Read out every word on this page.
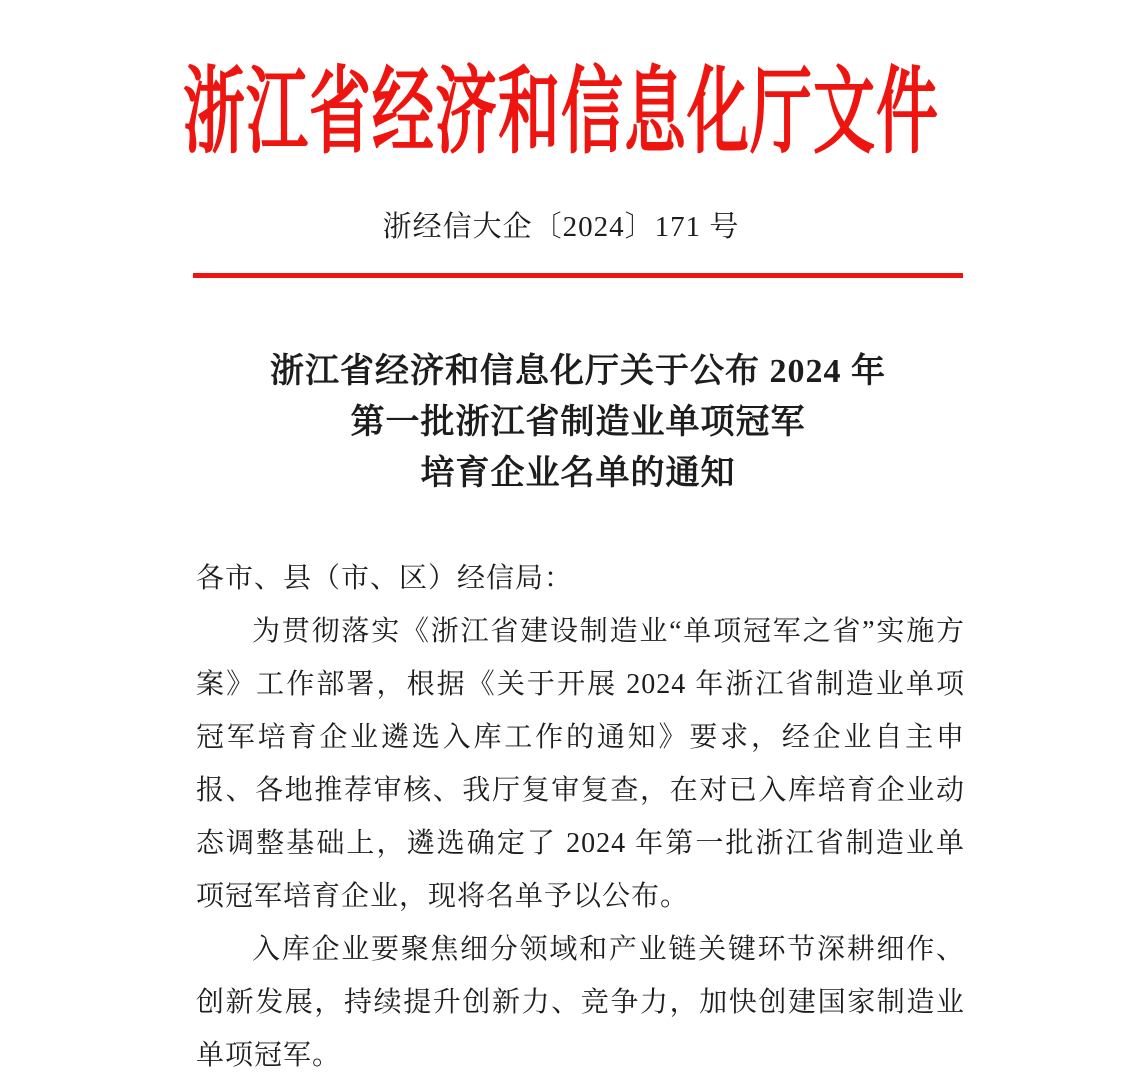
浙江省经济和信息化厅文件
浙经信大企〔2024〕171 号
浙江省经济和信息化厅关于公布 2024 年
第一批浙江省制造业单项冠军
培育企业名单的通知
各市、县（市、区）经信局：

为贯彻落实《浙江省建设制造业“单项冠军之省”实施方案》工作部署，根据《关于开展 2024 年浙江省制造业单项冠军培育企业遴选入库工作的通知》要求，经企业自主申报、各地推荐审核、我厅复审复查，在对已入库培育企业动态调整基础上，遴选确定了 2024 年第一批浙江省制造业单项冠军培育企业，现将名单予以公布。

入库企业要聚焦细分领域和产业链关键环节深耕细作、创新发展，持续提升创新力、竞争力，加快创建国家制造业单项冠军。
